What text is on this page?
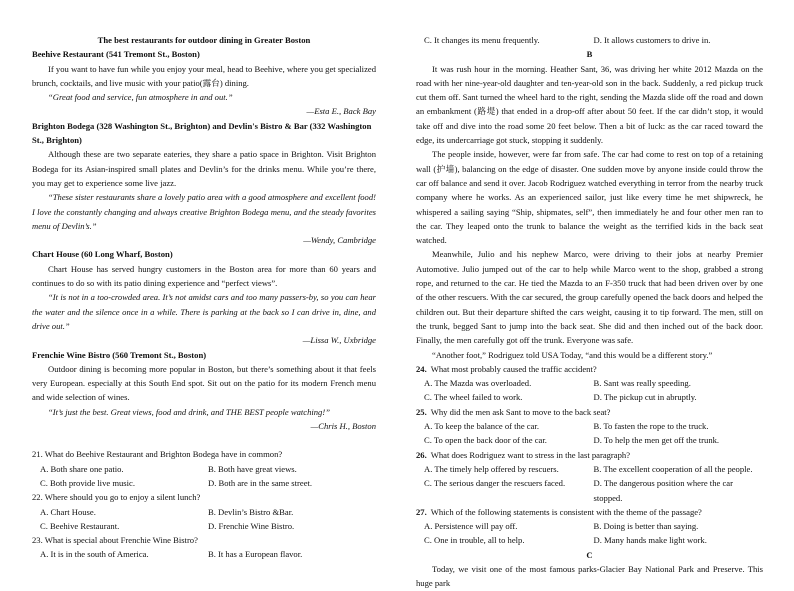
The best restaurants for outdoor dining in Greater Boston
Beehive Restaurant (541 Tremont St., Boston)
If you want to have fun while you enjoy your meal, head to Beehive, where you get specialized brunch, cocktails, and live music with your patio(露台) dining.
“Great food and service, fun atmosphere in and out.”
—Esta E., Back Bay
Brighton Bodega (328 Washington St., Brighton) and Devlin's Bistro & Bar (332 Washington St., Brighton)
Although these are two separate eateries, they share a patio space in Brighton. Visit Brighton Bodega for its Asian-inspired small plates and Devlin’s for the drinks menu. While you’re there, you may get to experience some live jazz.
“These sister restaurants share a lovely patio area with a good atmosphere and excellent food! I love the constantly changing and always creative Brighton Bodega menu, and the steady favorites menu of Devlin’s.”
—Wendy, Cambridge
Chart House (60 Long Wharf, Boston)
Chart House has served hungry customers in the Boston area for more than 60 years and continues to do so with its patio dining experience and “perfect views”.
“It is not in a too-crowded area. It’s not amidst cars and too many passers-by, so you can hear the water and the silence once in a while. There is parking at the back so I can drive in, dine, and drive out.”
—Lissa W., Uxbridge
Frenchie Wine Bistro (560 Tremont St., Boston)
Outdoor dining is becoming more popular in Boston, but there’s something about it that feels very European. especially at this South End spot. Sit out on the patio for its modern French menu and wide selection of wines.
“It’s just the best. Great views, food and drink, and THE BEST people watching!”
—Chris H., Boston
21. What do Beehive Restaurant and Brighton Bodega have in common?
A. Both share one patio.	B. Both have great views.
C. Both provide live music.	D. Both are in the same street.
22. Where should you go to enjoy a silent lunch?
A. Chart House.	B. Devlin’s Bistro &Bar.
C. Beehive Restaurant.	D. Frenchie Wine Bistro.
23. What is special about Frenchie Wine Bistro?
A. It is in the south of America.	B. It has a European flavor.
C. It changes its menu frequently.	D. It allows customers to drive in.
B
It was rush hour in the morning. Heather Sant, 36, was driving her white 2012 Mazda on the road with her nine-year-old daughter and ten-year-old son in the back. Suddenly, a red pickup truck cut them off. Sant turned the wheel hard to the right, sending the Mazda slide off the road and down an embankment (路堤) that ended in a drop-off after about 50 feet. If the car didn’t stop, it would take off and dive into the road some 20 feet below. Then a bit of luck: as the car raced toward the edge, its undercarriage got stuck, stopping it suddenly.
The people inside, however, were far from safe. The car had come to rest on top of a retaining wall (护墙), balancing on the edge of disaster. One sudden move by anyone inside could throw the car off balance and send it over. Jacob Rodriguez watched everything in terror from the nearby truck company where he works. As an experienced sailor, just like every time he met shipwreck, he whispered a sailing saying “Ship, shipmates, self”, then immediately he and four other men ran to the car. They leaped onto the trunk to balance the weight as the terrified kids in the back seat watched.
Meanwhile, Julio and his nephew Marco, were driving to their jobs at nearby Premier Automotive. Julio jumped out of the car to help while Marco went to the shop, grabbed a strong rope, and returned to the car. He tied the Mazda to an F-350 truck that had been driven over by one of the other rescuers. With the car secured, the group carefully opened the back doors and helped the children out. But their departure shifted the cars weight, causing it to tip forward. The men, still on the trunk, begged Sant to jump into the back seat. She did and then inched out of the back door. Finally, the men carefully got off the trunk. Everyone was safe.
“Another foot,” Rodriguez told USA Today, “and this would be a different story.”
24. What most probably caused the traffic accident?
A. The Mazda was overloaded.	B. Sant was really speeding.
C. The wheel failed to work.	D. The pickup cut in abruptly.
25. Why did the men ask Sant to move to the back seat?
A. To keep the balance of the car.	B. To fasten the rope to the truck.
C. To open the back door of the car.	D. To help the men get off the trunk.
26. What does Rodriguez want to stress in the last paragraph?
A. The timely help offered by rescuers.	B. The excellent cooperation of all the people.
C. The serious danger the rescuers faced.	D. The dangerous position where the car stopped.
27. Which of the following statements is consistent with the theme of the passage?
A. Persistence will pay off.	B. Doing is better than saying.
C. One in trouble, all to help.	D. Many hands make light work.
C
Today, we visit one of the most famous parks-Glacier Bay National Park and Preserve. This huge park
